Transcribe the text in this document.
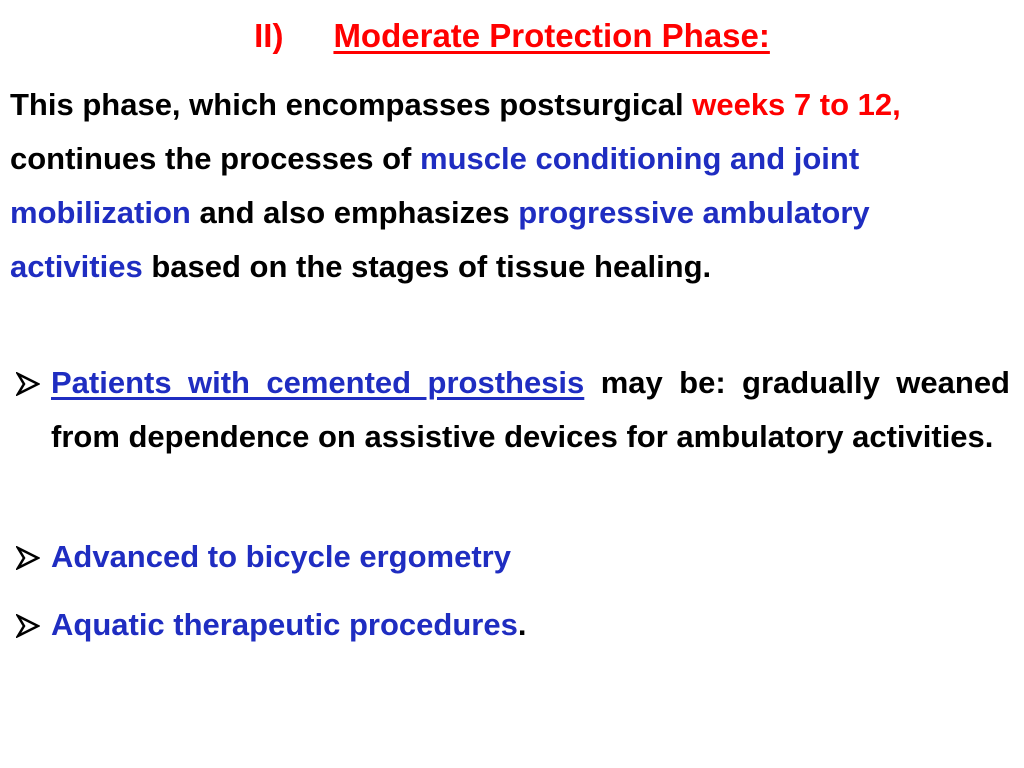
II) Moderate Protection Phase:
This phase, which encompasses postsurgical weeks 7 to 12, continues the processes of muscle conditioning and joint mobilization and also emphasizes progressive ambulatory activities based on the stages of tissue healing.
Patients with cemented prosthesis may be: gradually weaned from dependence on assistive devices for ambulatory activities.
Advanced to bicycle ergometry
Aquatic therapeutic procedures.
